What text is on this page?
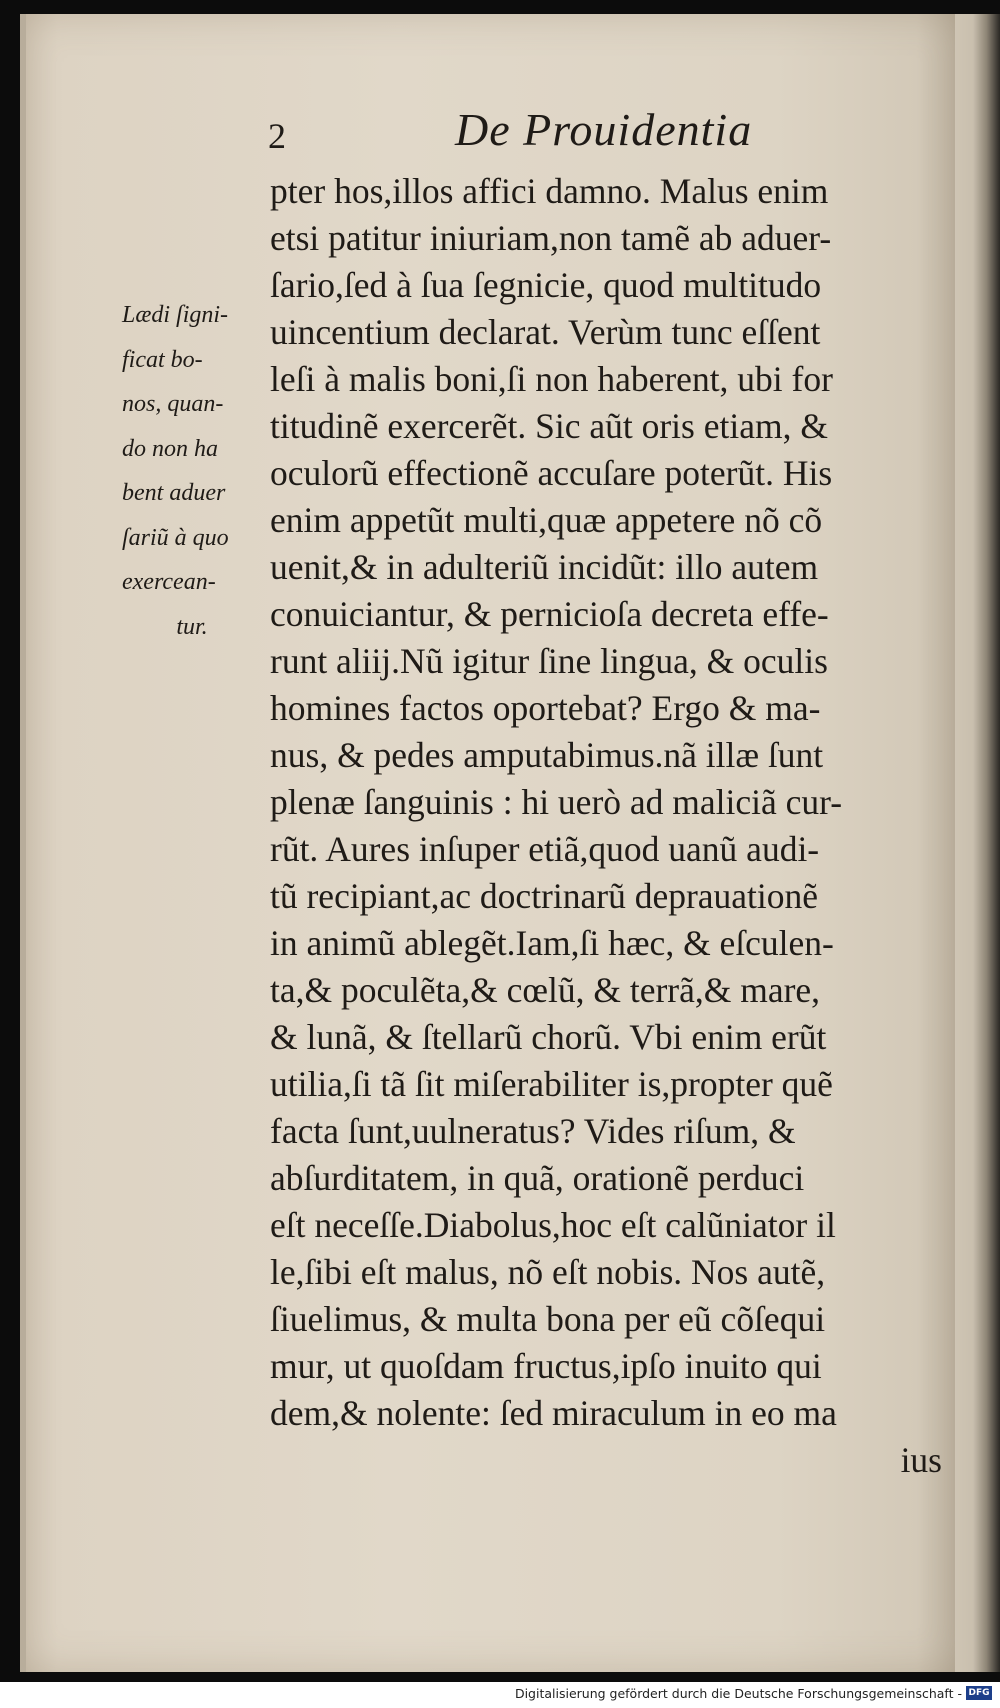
2	De Prouidentia
pter hos,illos affici damno. Malus enim
etsi patitur iniuriam,non tamẽ ab aduer-
ſario,ſed à ſua ſegnicie, quod multitudo
uincentium declarat. Verùm tunc eſſent
leſi à malis boni,ſi non haberent, ubi for
titudinẽ exercerẽt. Sic aũt oris etiam, &
oculorũ effectionẽ accuſare poterũt. His
enim appetũt multi,quæ appetere nõ cõ
uenit,& in adulteriũ incidũt: illo autem
conuiciantur, & pernicioſa decreta effe-
runt aliĳ.Nũ igitur ſine lingua, & oculis
homines factos oportebat? Ergo & ma-
nus, & pedes amputabimus.nã illæ ſunt
plenæ ſanguinis : hi uerò ad maliciã cur-
rũt. Aures inſuper etiã,quod uanũ audi-
tũ recipiant,ac doctrinarũ deprauationẽ
in animũ ablegẽt.Iam,ſi hæc, & eſculen-
ta,& poculẽta,& cœlũ, & terrã,& mare,
& lunã, & ſtellarũ chorũ. Vbi enim erũt
utilia,ſi tã ſit miſerabiliter is,propter quẽ
facta ſunt,uulneratus? Vides riſum, &
abſurditatem, in quã, orationẽ perduci
eſt neceſſe.Diabolus,hoc eſt calũniator il
le,ſibi eſt malus, nõ eſt nobis. Nos autẽ,
ſiuelimus, & multa bona per eũ cõſequi
mur, ut quoſdam fructus,ipſo inuito qui
dem,& nolente: ſed miraculum in eo ma
ius
Lædi ſigni-
ficat bo-
nos, quan-
do non ha
bent aduer
ſariũ à quo
exercean-
tur.
Digitalisierung gefördert durch die Deutsche Forschungsgemeinschaft - DFG
